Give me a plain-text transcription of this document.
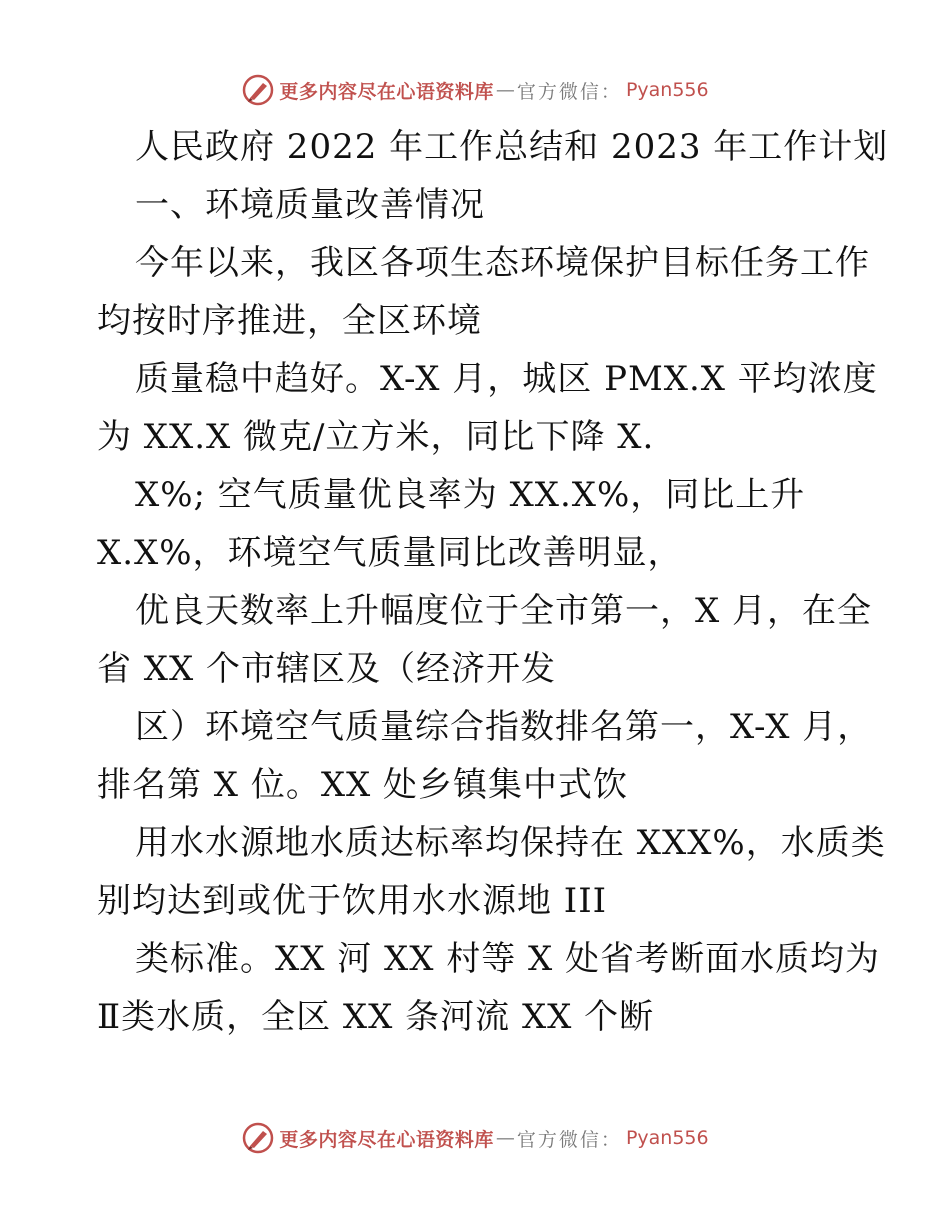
更多内容尽在心语资料库 — 官方微信： Pyan556
人民政府 2022 年工作总结和 2023 年工作计划
一、环境质量改善情况
今年以来，我区各项生态环境保护目标任务工作
均按时序推进，全区环境
质量稳中趋好。X-X 月，城区 PMX.X 平均浓度
为 XX.X 微克/立方米，同比下降 X.
X%; 空气质量优良率为 XX.X%，同比上升
X.X%，环境空气质量同比改善明显，
优良天数率上升幅度位于全市第一，X 月，在全
省 XX 个市辖区及（经济开发
区）环境空气质量综合指数排名第一，X-X 月，
排名第 X 位。XX 处乡镇集中式饮
用水水源地水质达标率均保持在 XXX%，水质类
别均达到或优于饮用水水源地 III
类标准。XX 河 XX 村等 X 处省考断面水质均为
Ⅱ类水质，全区 XX 条河流 XX 个断
更多内容尽在心语资料库 — 官方微信： Pyan556
